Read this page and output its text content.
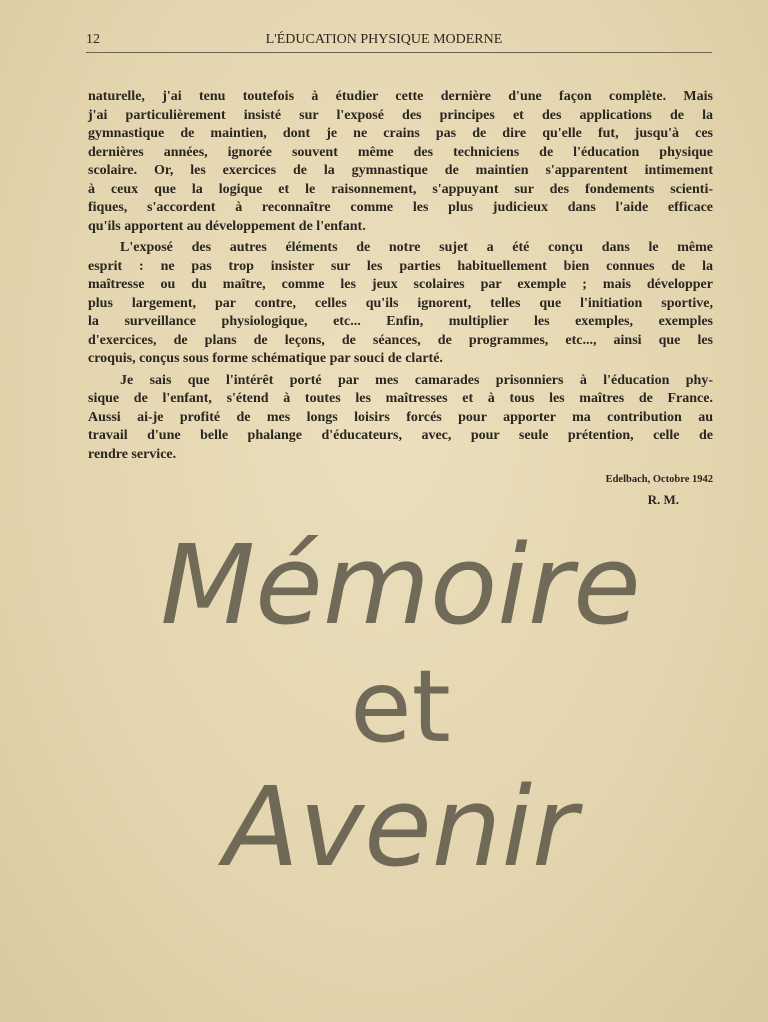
12	L'ÉDUCATION PHYSIQUE MODERNE
naturelle, j'ai tenu toutefois à étudier cette dernière d'une façon complète. Mais
j'ai particulièrement insisté sur l'exposé des principes et des applications de la
gymnastique de maintien, dont je ne crains pas de dire qu'elle fut, jusqu'à ces
dernières années, ignorée souvent même des techniciens de l'éducation physique
scolaire. Or, les exercices de la gymnastique de maintien s'apparentent intimement
à ceux que la logique et le raisonnement, s'appuyant sur des fondements scienti-
fiques, s'accordent à reconnaître comme les plus judicieux dans l'aide efficace
qu'ils apportent au développement de l'enfant.
L'exposé des autres éléments de notre sujet a été conçu dans le même
esprit : ne pas trop insister sur les parties habituellement bien connues de la
maîtresse ou du maître, comme les jeux scolaires par exemple ; mais développer
plus largement, par contre, celles qu'ils ignorent, telles que l'initiation sportive,
la surveillance physiologique, etc... Enfin, multiplier les exemples, exemples
d'exercices, de plans de leçons, de séances, de programmes, etc..., ainsi que les
croquis, conçus sous forme schématique par souci de clarté.
Je sais que l'intérêt porté par mes camarades prisonniers à l'éducation phy-
sique de l'enfant, s'étend à toutes les maîtresses et à tous les maîtres de France.
Aussi ai-je profité de mes longs loisirs forcés pour apporter ma contribution au
travail d'une belle phalange d'éducateurs, avec, pour seule prétention, celle de
rendre service.
Edelbach, Octobre 1942
R. M.
Mémoire
et
Avenir
